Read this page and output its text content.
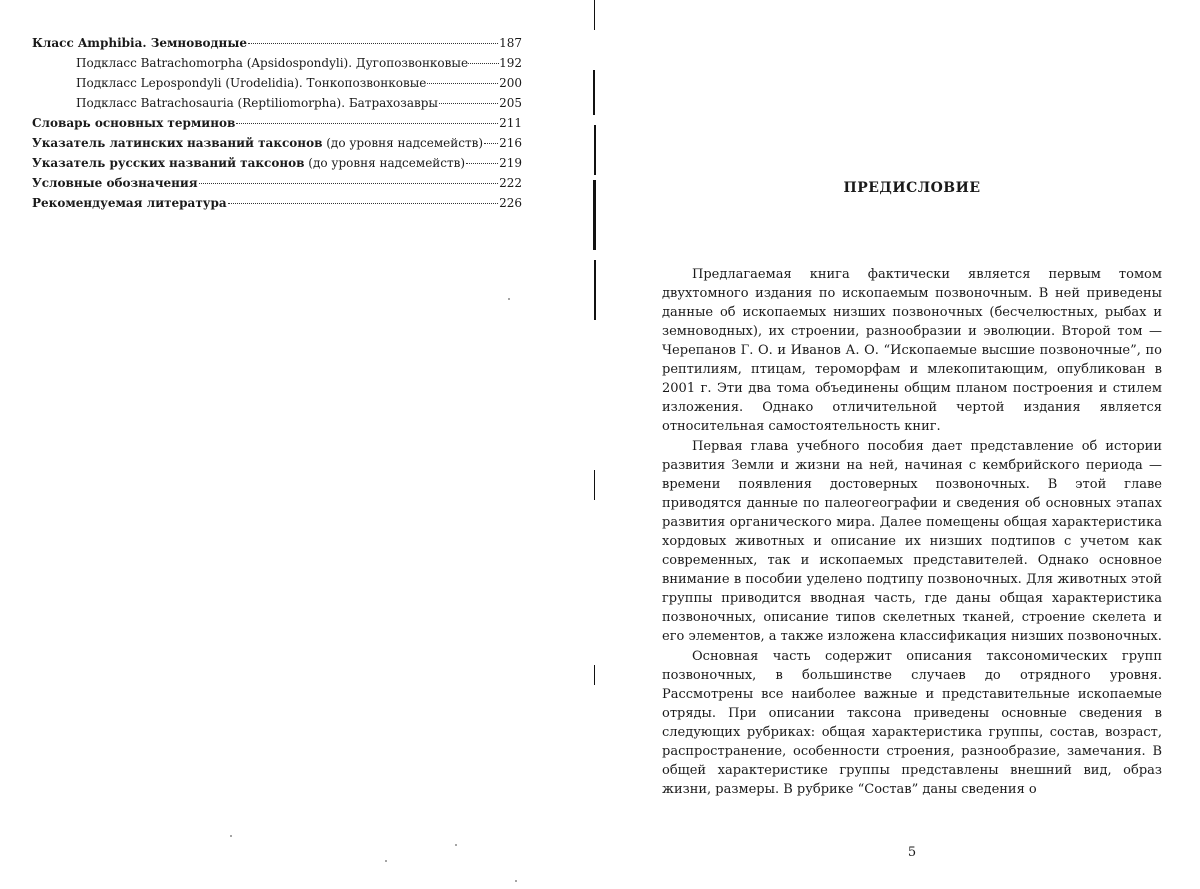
Класс Amphibia. Земноводные	187
Подкласс Batrachomorpha (Apsidospondyli). Дугопозвонковые	192
Подкласс Lepospondyli (Urodelidia). Тонкопозвонковые	200
Подкласс Batrachosauria (Reptiliomorpha). Батрахозавры	205
Словарь основных терминов	211
Указатель латинских названий таксонов (до уровня надсемейств) 216
Указатель русских названий таксонов (до уровня надсемейств)	219
Условные обозначения	222
Рекомендуемая литература	226
ПРЕДИСЛОВИЕ

Предлагаемая книга фактически является первым томом двухтомного издания по ископаемым позвоночным. В ней приведены данные об ископаемых низших позвоночных (бесчелюстных, рыбах и земноводных), их строении, разнообразии и эволюции. Второй том — Черепанов Г. О. и Иванов А. О. “Ископаемые высшие позвоночные”, по рептилиям, птицам, тероморфам и млекопитающим, опубликован в 2001 г. Эти два тома объединены общим планом построения и стилем изложения. Однако отличительной чертой издания является относительная самостоятельность книг.

Первая глава учебного пособия дает представление об истории развития Земли и жизни на ней, начиная с кембрийского периода — времени появления достоверных позвоночных. В этой главе приводятся данные по палеогеографии и сведения об основных этапах развития органического мира. Далее помещены общая характеристика хордовых животных и описание их низших подтипов с учетом как современных, так и ископаемых представителей. Однако основное внимание в пособии уделено подтипу позвоночных. Для животных этой группы приводится вводная часть, где даны общая характеристика позвоночных, описание типов скелетных тканей, строение скелета и его элементов, а также изложена классификация низших позвоночных.

Основная часть содержит описания таксономических групп позвоночных, в большинстве случаев до отрядного уровня. Рассмотрены все наиболее важные и представительные ископаемые отряды. При описании таксона приведены основные сведения в следующих рубриках: общая характеристика группы, состав, возраст, распространение, особенности строения, разнообразие, замечания. В общей характеристике группы представлены внешний вид, образ жизни, размеры. В рубрике “Состав” даны сведения о

5
